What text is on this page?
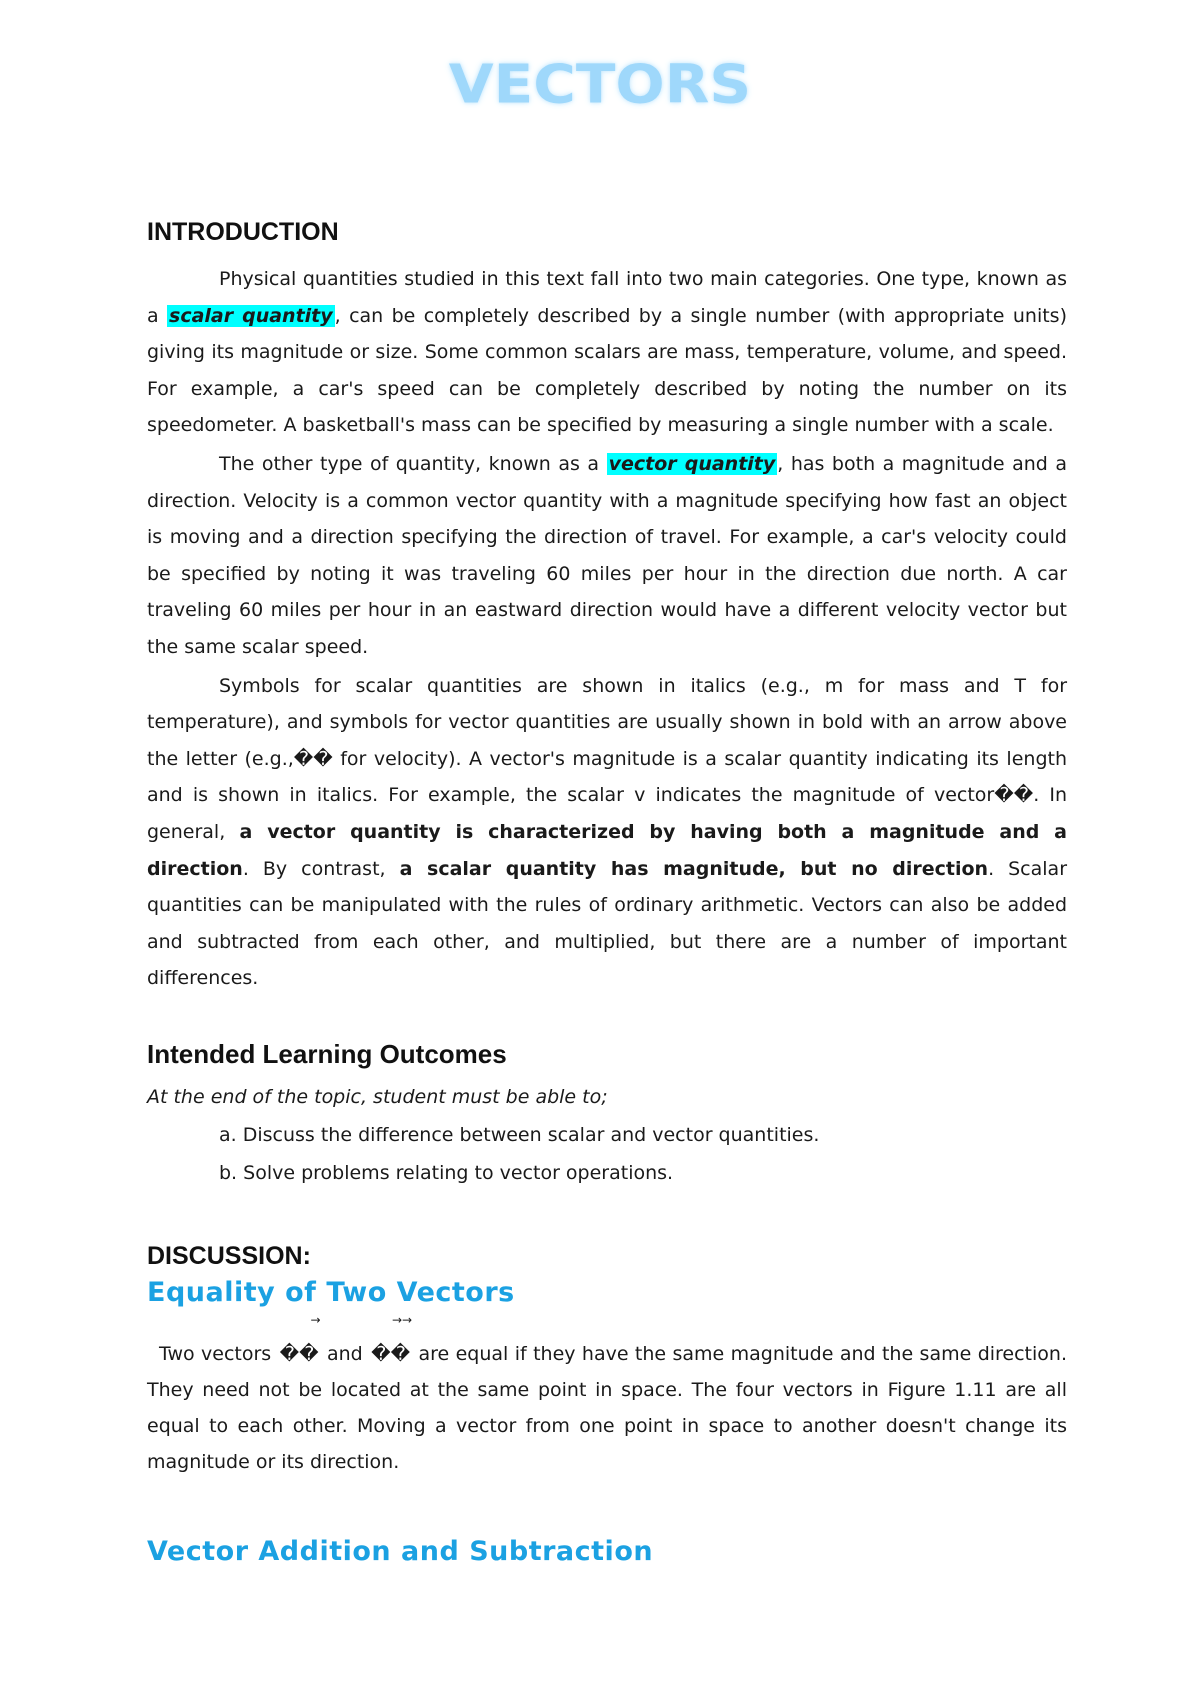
VECTORS
INTRODUCTION

Physical quantities studied in this text fall into two main categories. One type, known as a scalar quantity , can be completely described by a single number (with appropriate units) giving its magnitude or size. Some common scalars are mass, temperature, volume, and speed. For example, a car's speed can be completely described by noting the number on its speedometer. A basketball's mass can be specified by measuring a single number with a scale.

The other type of quantity, known as a vector quantity , has both a magnitude and a direction. Velocity is a common vector quantity with a magnitude specifying how fast an object is moving and a direction specifying the direction of travel. For example, a car's velocity could be specified by noting it was traveling 60 miles per hour in the direction due north. A car traveling 60 miles per hour in an eastward direction would have a different velocity vector but the same scalar speed.

Symbols for scalar quantities are shown in italics (e.g., m for mass and T for temperature), and symbols for vector quantities are usually shown in bold with an arrow above the letter (e.g.,�� for velocity). A vector's magnitude is a scalar quantity indicating its length and is shown in italics. For example, the scalar v indicates the magnitude of vector��. In general, a vector quantity is characterized by having both a magnitude and a direction. By contrast, a scalar quantity has magnitude, but no direction. Scalar quantities can be manipulated with the rules of ordinary arithmetic. Vectors can also be added and subtracted from each other, and multiplied, but there are a number of important differences.

Intended Learning Outcomes
At the end of the topic, student must be able to;
a. Discuss the difference between scalar and vector quantities.
b. Solve problems relating to vector operations.
DISCUSSION:
Equality of Two Vectors

Two vectors ��
→
and ��
→→
are equal if they have the same magnitude and the same direction. They need not be located at the same point in space. The four vectors in Figure 1.11 are all equal to each other. Moving a vector from one point in space to another doesn't change its magnitude or its direction.

Vector Addition and Subtraction
